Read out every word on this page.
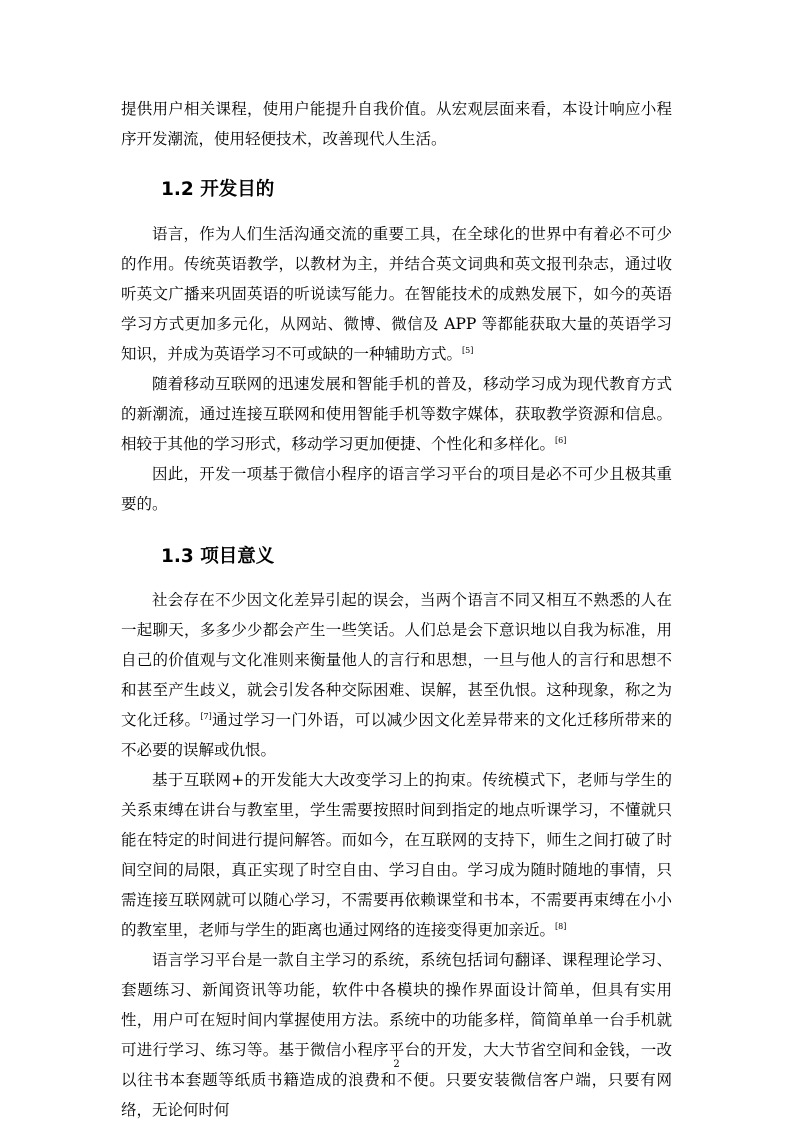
提供用户相关课程，使用户能提升自我价值。从宏观层面来看，本设计响应小程序开发潮流，使用轻便技术，改善现代人生活。

1.2 开发目的

语言，作为人们生活沟通交流的重要工具，在全球化的世界中有着必不可少的作用。传统英语教学，以教材为主，并结合英文词典和英文报刊杂志，通过收听英文广播来巩固英语的听说读写能力。在智能技术的成熟发展下，如今的英语学习方式更加多元化，从网站、微博、微信及 APP 等都能获取大量的英语学习知识，并成为英语学习不可或缺的一种辅助方式。[5]

随着移动互联网的迅速发展和智能手机的普及，移动学习成为现代教育方式的新潮流，通过连接互联网和使用智能手机等数字媒体，获取教学资源和信息。相较于其他的学习形式，移动学习更加便捷、个性化和多样化。[6]

因此，开发一项基于微信小程序的语言学习平台的项目是必不可少且极其重要的。

1.3 项目意义

社会存在不少因文化差异引起的误会，当两个语言不同又相互不熟悉的人在一起聊天，多多少少都会产生一些笑话。人们总是会下意识地以自我为标准，用自己的价值观与文化准则来衡量他人的言行和思想，一旦与他人的言行和思想不和甚至产生歧义，就会引发各种交际困难、误解，甚至仇恨。这种现象，称之为文化迁移。[7]通过学习一门外语，可以减少因文化差异带来的文化迁移所带来的不必要的误解或仇恨。

基于互联网+的开发能大大改变学习上的拘束。传统模式下，老师与学生的关系束缚在讲台与教室里，学生需要按照时间到指定的地点听课学习，不懂就只能在特定的时间进行提问解答。而如今，在互联网的支持下，师生之间打破了时间空间的局限，真正实现了时空自由、学习自由。学习成为随时随地的事情，只需连接互联网就可以随心学习，不需要再依赖课堂和书本，不需要再束缚在小小的教室里，老师与学生的距离也通过网络的连接变得更加亲近。[8]

语言学习平台是一款自主学习的系统，系统包括词句翻译、课程理论学习、套题练习、新闻资讯等功能，软件中各模块的操作界面设计简单，但具有实用性，用户可在短时间内掌握使用方法。系统中的功能多样，简简单单一台手机就可进行学习、练习等。基于微信小程序平台的开发，大大节省空间和金钱，一改以往书本套题等纸质书籍造成的浪费和不便。只要安装微信客户端，只要有网络，无论何时何

2
